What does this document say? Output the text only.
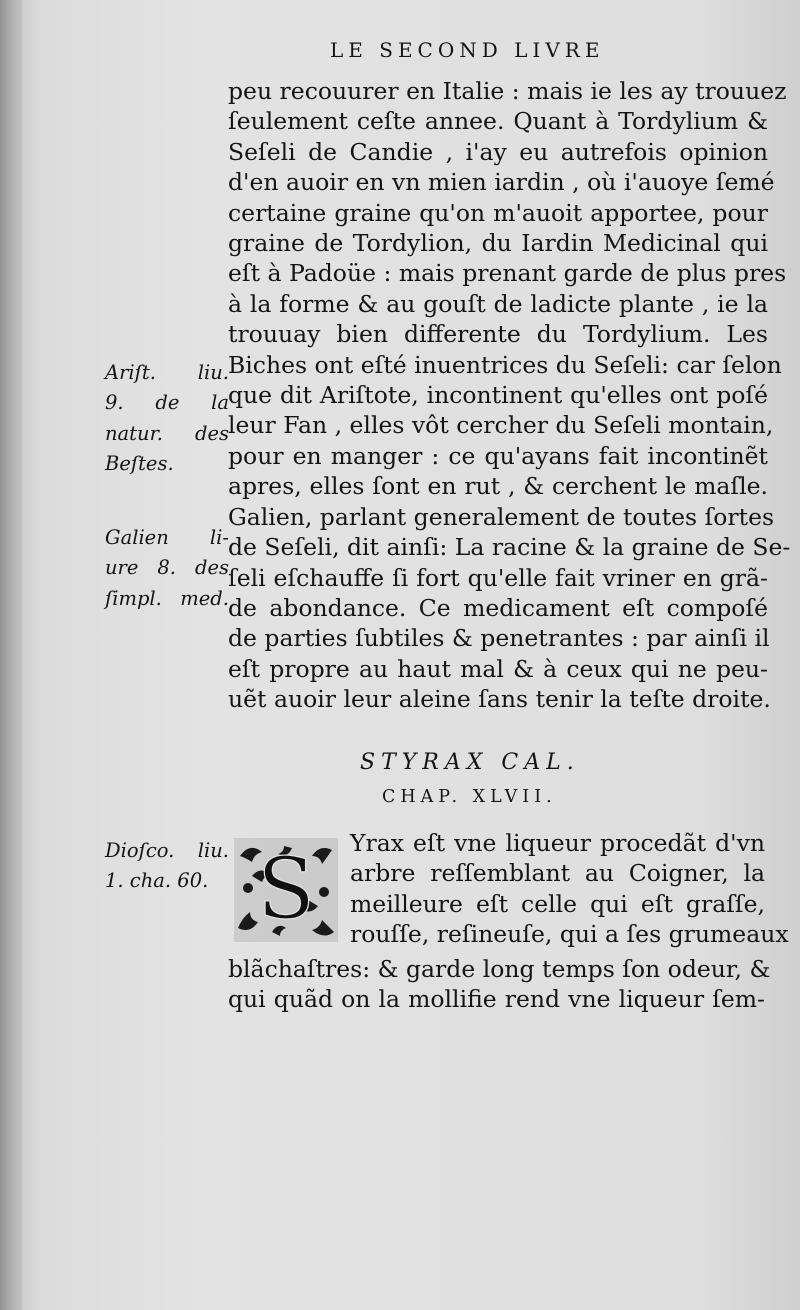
LE SECOND LIVRE
peu recouurer en Italie : mais ie les ay trouuez
ſeulement ceſte annee. Quant à Tordylium &
Seſeli de Candie , i'ay eu autrefois opinion
d'en auoir en vn mien iardin , où i'auoye ſemé
certaine graine qu'on m'auoit apportee, pour
graine de Tordylion, du Iardin Medicinal qui
eſt à Padoüe : mais prenant garde de plus pres
à la forme & au gouſt de ladicte plante , ie la
trouuay bien differente du Tordylium. Les
Biches ont eſté inuentrices du Seſeli: car ſelon
que dit Ariſtote, incontinent qu'elles ont poſé
leur Fan , elles vôt cercher du Seſeli montain,
pour en manger : ce qu'ayans fait incontinẽt
apres, elles ſont en rut , & cerchent le maſle.
Galien, parlant generalement de toutes ſortes
de Seſeli, dit ainſi: La racine & la graine de Se-
ſeli eſchauffe ſi fort qu'elle fait vriner en grã-
de abondance. Ce medicament eſt compoſé
de parties ſubtiles & penetrantes : par ainſi il
eſt propre au haut mal & à ceux qui ne peu-
uẽt auoir leur aleine ſans tenir la teſte droite.
Ariſt. liu.
9. de la
natur. des
Beſtes.
Galien li-
ure 8. des
ſimpl. med.
Dioſco. liu.
1. cha. 60.
STYRAX CAL.
CHAP. XLVII.
S Yrax eſt vne liqueur procedãt d'vn
arbre reſſemblant au Coigner, la
meilleure eſt celle qui eſt graſſe,
rouſſe, reſineuſe, qui a ſes grumeaux
blãchaſtres: & garde long temps ſon odeur, &
qui quãd on la mollifie rend vne liqueur ſem-
